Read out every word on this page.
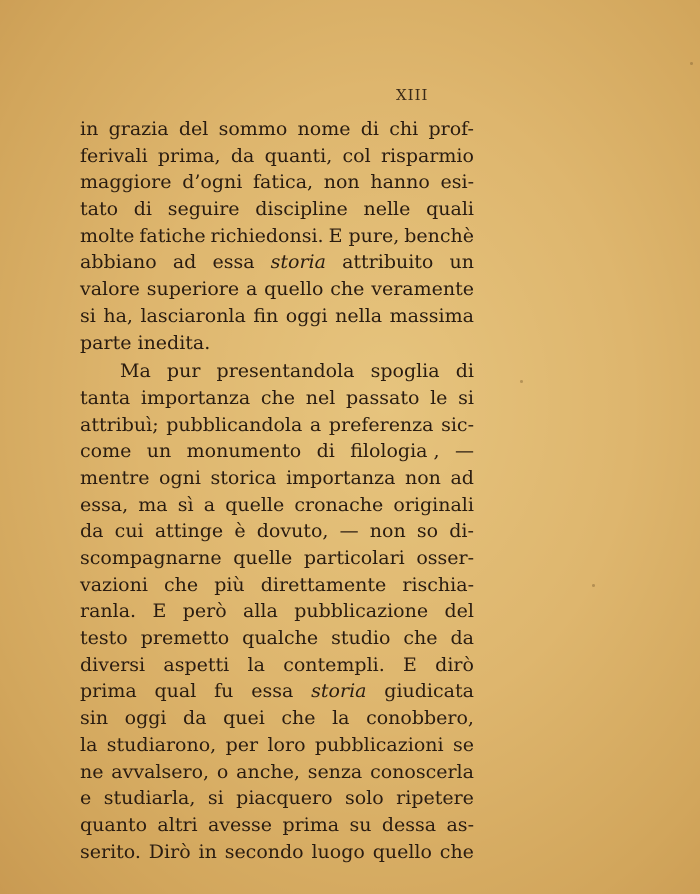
XIII
in grazia del sommo nome di chi prof-
ferivali prima, da quanti, col risparmio
maggiore d’ogni fatica, non hanno esi-
tato di seguire discipline nelle quali
molte fatiche richiedonsi. E pure, benchè
abbiano ad essa storia attribuito un
valore superiore a quello che veramente
si ha, lasciaronla fin oggi nella massima
parte inedita.
Ma pur presentandola spoglia di
tanta importanza che nel passato le si
attribuì; pubblicandola a preferenza sic-
come un monumento di filologia , —
mentre ogni storica importanza non ad
essa, ma sì a quelle cronache originali
da cui attinge è dovuto, — non so di-
scompagnarne quelle particolari osser-
vazioni che più direttamente rischia-
ranla. E però alla pubblicazione del
testo premetto qualche studio che da
diversi aspetti la contempli. E dirò
prima qual fu essa storia giudicata
sin oggi da quei che la conobbero,
la studiarono, per loro pubblicazioni se
ne avvalsero, o anche, senza conoscerla
e studiarla, si piacquero solo ripetere
quanto altri avesse prima su dessa as-
serito. Dirò in secondo luogo quello che
